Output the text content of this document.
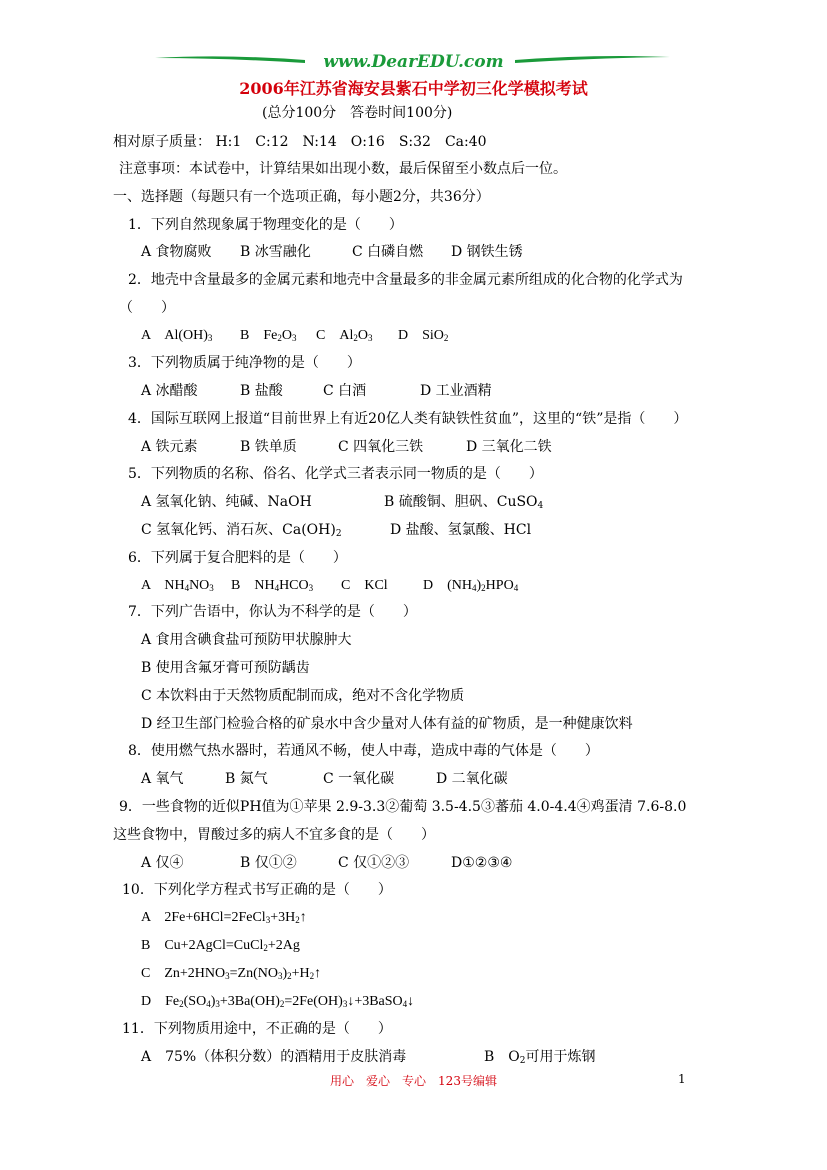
www.DearEDU.com
2006年江苏省海安县紫石中学初三化学模拟考试
(总分100分　答卷时间100分)
相对原子质量： H:1　C:12　N:14　O:16　S:32　Ca:40
注意事项：本试卷中，计算结果如出现小数，最后保留至小数点后一位。
一、选择题（每题只有一个选项正确，每小题2分，共36分）
1．下列自然现象属于物理变化的是（　　）
A 食物腐败 B 冰雪融化	C 白磷自燃 D 钢铁生锈
2．地壳中含量最多的金属元素和地壳中含量最多的非金属元素所组成的化合物的化学式为
（　　）
A　$Al(OH)_3$ B　$Fe_2O_3$ C　$Al_2O_3$ D　SiO$_2$
3．下列物质属于纯净物的是（　　）
A 冰醋酸	B 盐酸	C 白酒	D 工业酒精
4．国际互联网上报道“目前世界上有近20亿人类有缺铁性贫血”，这里的“铁”是指（　　）
A 铁元素	B 铁单质	C 四氧化三铁	D 三氧化二铁
5．下列物质的名称、俗名、化学式三者表示同一物质的是（　　）
A 氢氧化钠、纯碱、NaOH	B 硫酸铜、胆矾、CuSO$_4$
C 氢氧化钙、消石灰、$Ca(OH)_2$	D 盐酸、氢氯酸、HCl
6．下列属于复合肥料的是（　　）
A　$NH_4NO_3$ B　$NH_4HCO_3$ C　KCl	D　$(NH_4)_2HPO_4$
7．下列广告语中，你认为不科学的是（　　）
A 食用含碘食盐可预防甲状腺肿大
B 使用含氟牙膏可预防龋齿
C 本饮料由于天然物质配制而成，绝对不含化学物质
D 经卫生部门检验合格的矿泉水中含少量对人体有益的矿物质，是一种健康饮料
8．使用燃气热水器时，若通风不畅，使人中毒，造成中毒的气体是（　　）
A 氧气	B 氮气	C 一氧化碳	D 二氧化碳
9．一些食物的近似PH值为①苹果 2.9-3.3②葡萄 3.5-4.5③蕃茄 4.0-4.4④鸡蛋清 7.6-8.0
这些食物中，胃酸过多的病人不宜多食的是（　　）
A 仅④	B 仅①②	C 仅①②③	D①②③④
10．下列化学方程式书写正确的是（　　）
A　$2Fe+6HCl=2FeCl_3+3H_2↑$
B　Cu+2AgCl=CuCl$_2$+2Ag
C　$Zn+2HNO_3=Zn(NO_3)_2+H_2↑$
D　$Fe_2(SO_4)_3+3Ba(OH)_2=2Fe(OH)_3↓+3BaSO_4↓$
11．下列物质用途中，不正确的是（　　）
A　75%（体积分数）的酒精用于皮肤消毒	B　$O_2$可用于炼钢
用心　爱心　专心　123号编辑	1
